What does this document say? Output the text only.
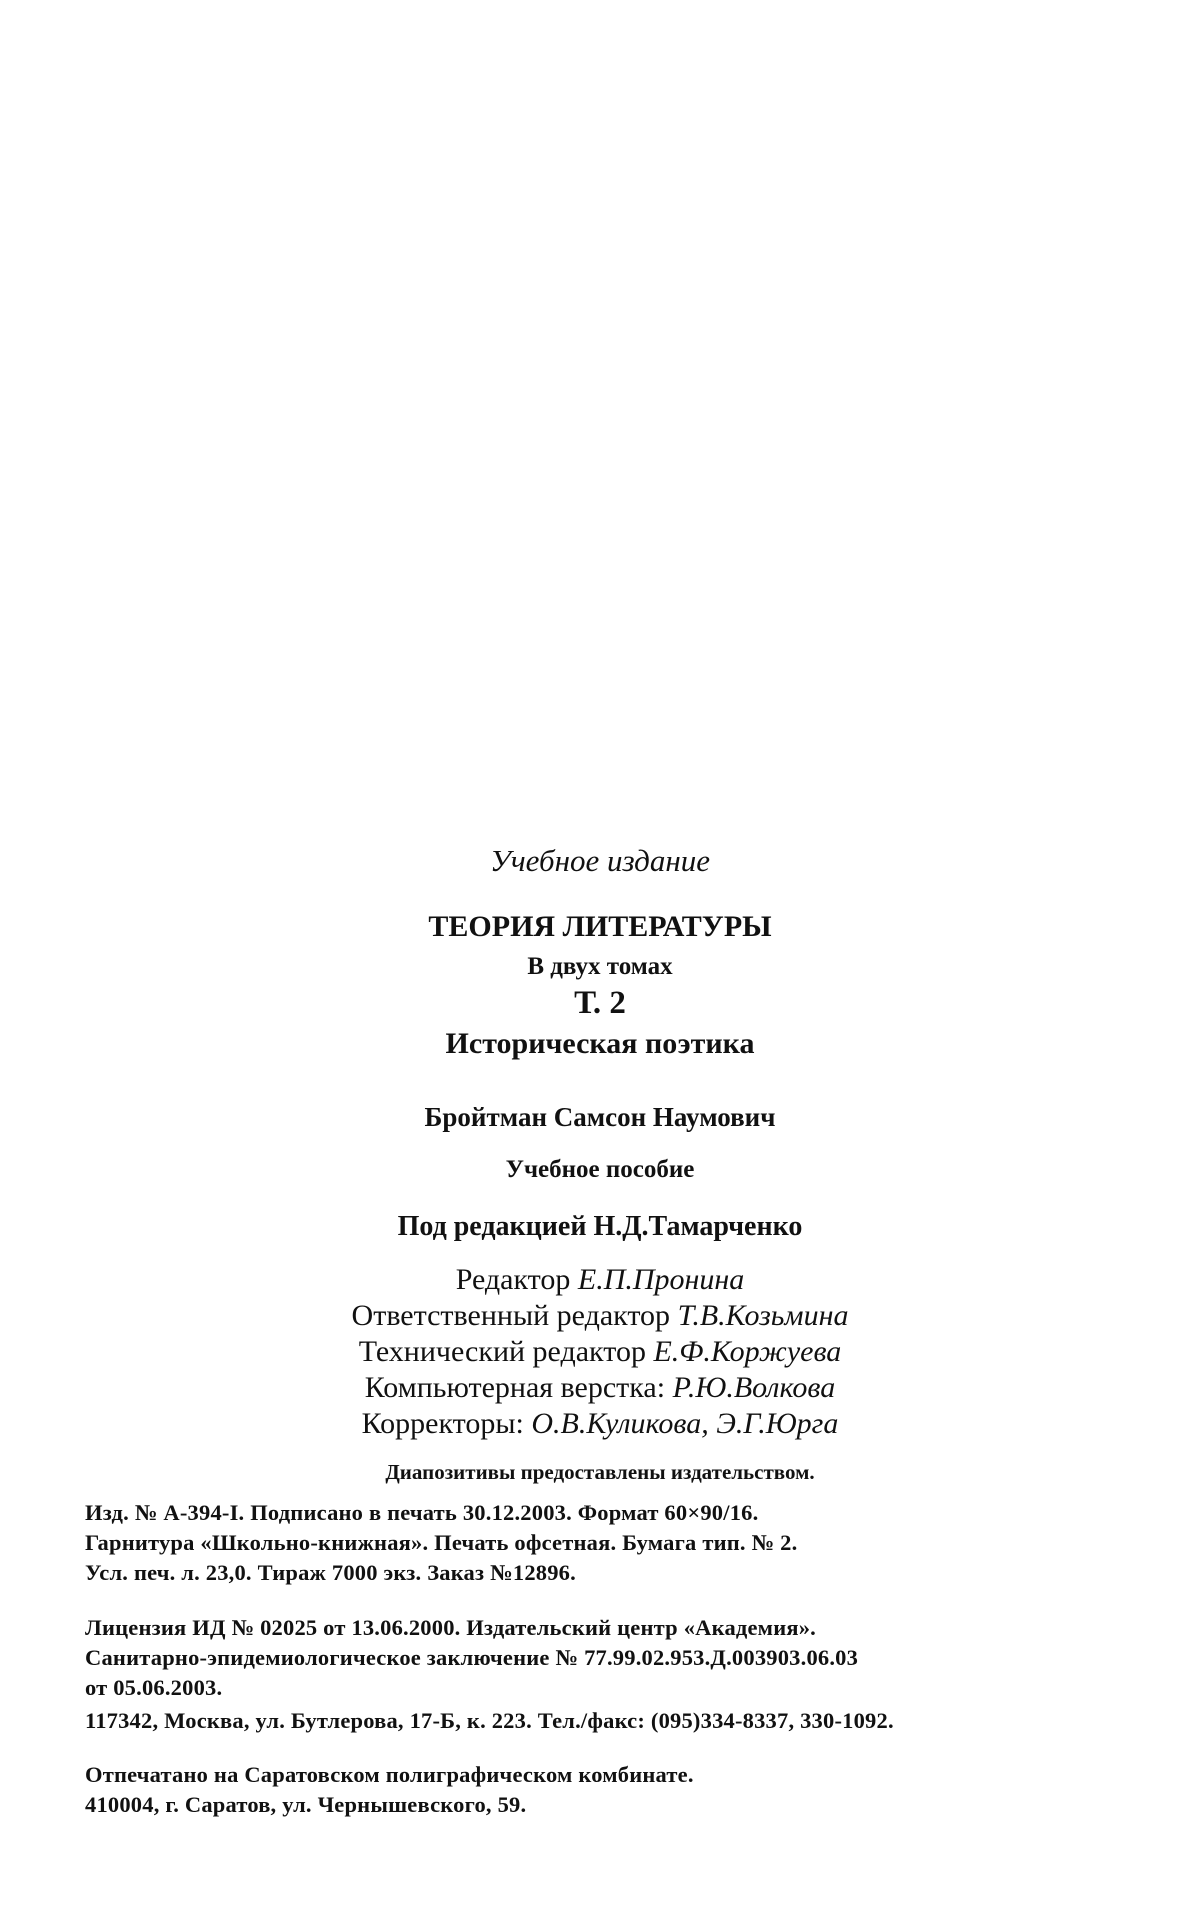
Учебное издание
ТЕОРИЯ ЛИТЕРАТУРЫ
В двух томах
Т. 2
Историческая поэтика
Бройтман Самсон Наумович
Учебное пособие
Под редакцией Н.Д.Тамарченко
Редактор Е.П.Пронина
Ответственный редактор Т.В.Козьмина
Технический редактор Е.Ф.Коржуева
Компьютерная верстка: Р.Ю.Волкова
Корректоры: О.В.Куликова, Э.Г.Юрга
Диапозитивы предоставлены издательством.
Изд. № А-394-I. Подписано в печать 30.12.2003. Формат 60×90/16.
Гарнитура «Школьно-книжная». Печать офсетная. Бумага тип. № 2.
Усл. печ. л. 23,0. Тираж 7000 экз. Заказ №12896.
Лицензия ИД № 02025 от 13.06.2000. Издательский центр «Академия».
Санитарно-эпидемиологическое заключение № 77.99.02.953.Д.003903.06.03
от 05.06.2003.
117342, Москва, ул. Бутлерова, 17-Б, к. 223. Тел./факс: (095)334-8337, 330-1092.
Отпечатано на Саратовском полиграфическом комбинате.
410004, г. Саратов, ул. Чернышевского, 59.
